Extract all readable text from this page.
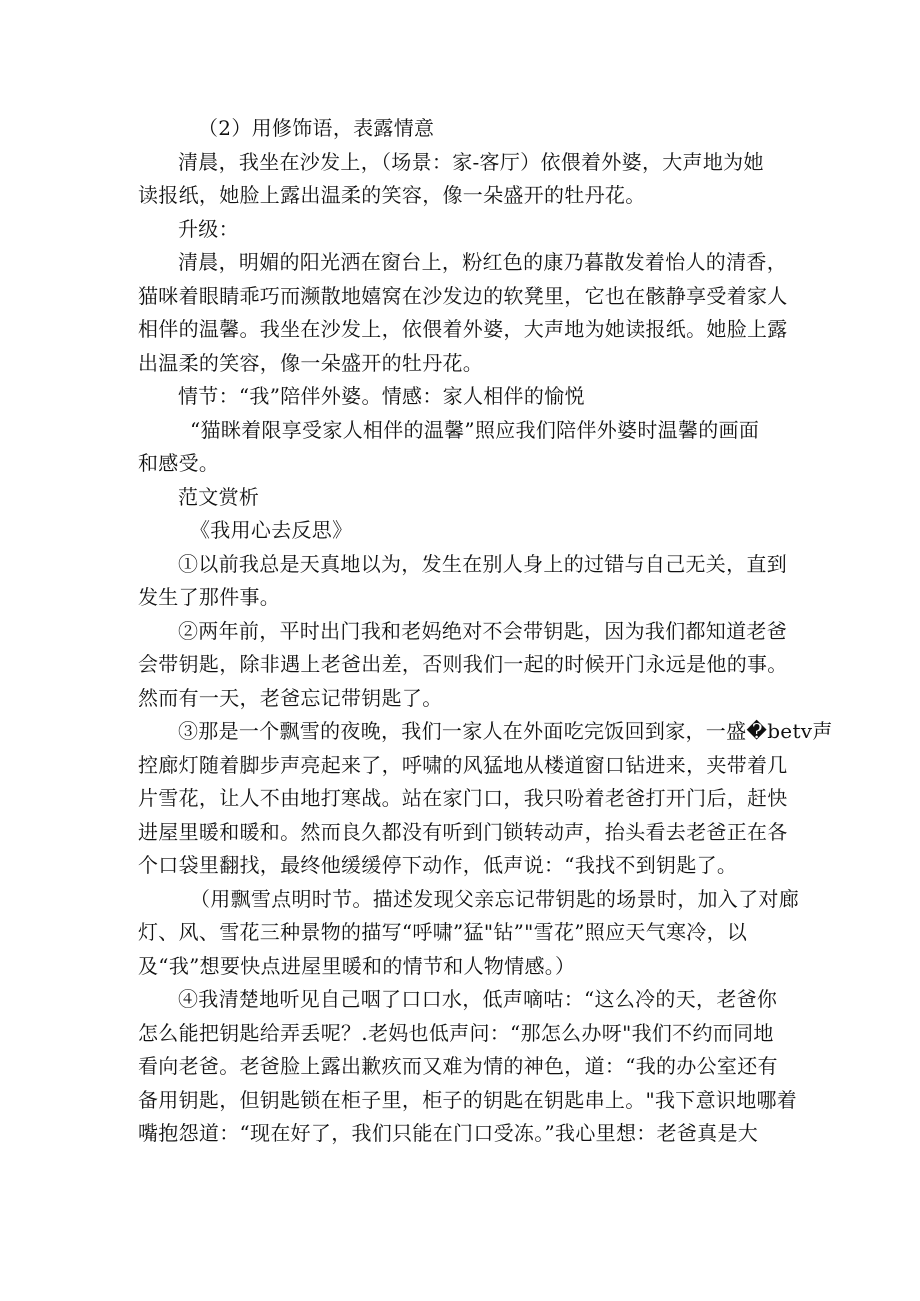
（2）用修饰语，表露情意

清晨，我坐在沙发上，（场景：家-客厅）依偎着外婆，大声地为她

读报纸，她脸上露出温柔的笑容，像一朵盛开的牡丹花。

升级：

清晨，明媚的阳光洒在窗台上，粉红色的康乃暮散发着怡人的清香，

猫咪着眼睛乖巧而濒散地嬉窝在沙发边的软凳里，它也在骸静享受着家人

相伴的温馨。我坐在沙发上，依偎着外婆，大声地为她读报纸。她脸上露

出温柔的笑容，像一朵盛开的牡丹花。

情节：“我”陪伴外婆。情感：家人相伴的愉悦

“猫眯着限享受家人相伴的温馨”照应我们陪伴外婆时温馨的画面

和感受。

范文赏析

《我用心去反思》

①以前我总是天真地以为，发生在别人身上的过错与自己无关，直到

发生了那件事。

②两年前，平时出门我和老妈绝对不会带钥匙，因为我们都知道老爸

会带钥匙，除非遇上老爸出差，否则我们一起的时候开门永远是他的事。

然而有一天，老爸忘记带钥匙了。

③那是一个飘雪的夜晚，我们一家人在外面吃完饭回到家，一盛�betv声

控廊灯随着脚步声亮起来了，呼啸的风猛地从楼道窗口钻进来，夹带着几

片雪花，让人不由地打寒战。站在家门口，我只吩着老爸打开门后，赶快

进屋里暖和暖和。然而良久都没有听到门锁转动声，抬头看去老爸正在各

个口袋里翻找，最终他缓缓停下动作，低声说：“我找不到钥匙了。

（用飘雪点明时节。描述发现父亲忘记带钥匙的场景时，加入了对廊

灯、风、雪花三种景物的描写“呼啸”猛"钻”"雪花”照应天气寒冷，以

及“我”想要快点进屋里暖和的情节和人物情感。）

④我清楚地听见自己咽了口口水，低声嘀咕：“这么冷的天，老爸你

怎么能把钥匙给弄丢呢？.老妈也低声问：“那怎么办呀"我们不约而同地

看向老爸。老爸脸上露出歉疚而又难为情的神色，道：“我的办公室还有

备用钥匙，但钥匙锁在柜子里，柜子的钥匙在钥匙串上。"我下意识地哪着

嘴抱怨道：“现在好了，我们只能在门口受冻。”我心里想：老爸真是大
